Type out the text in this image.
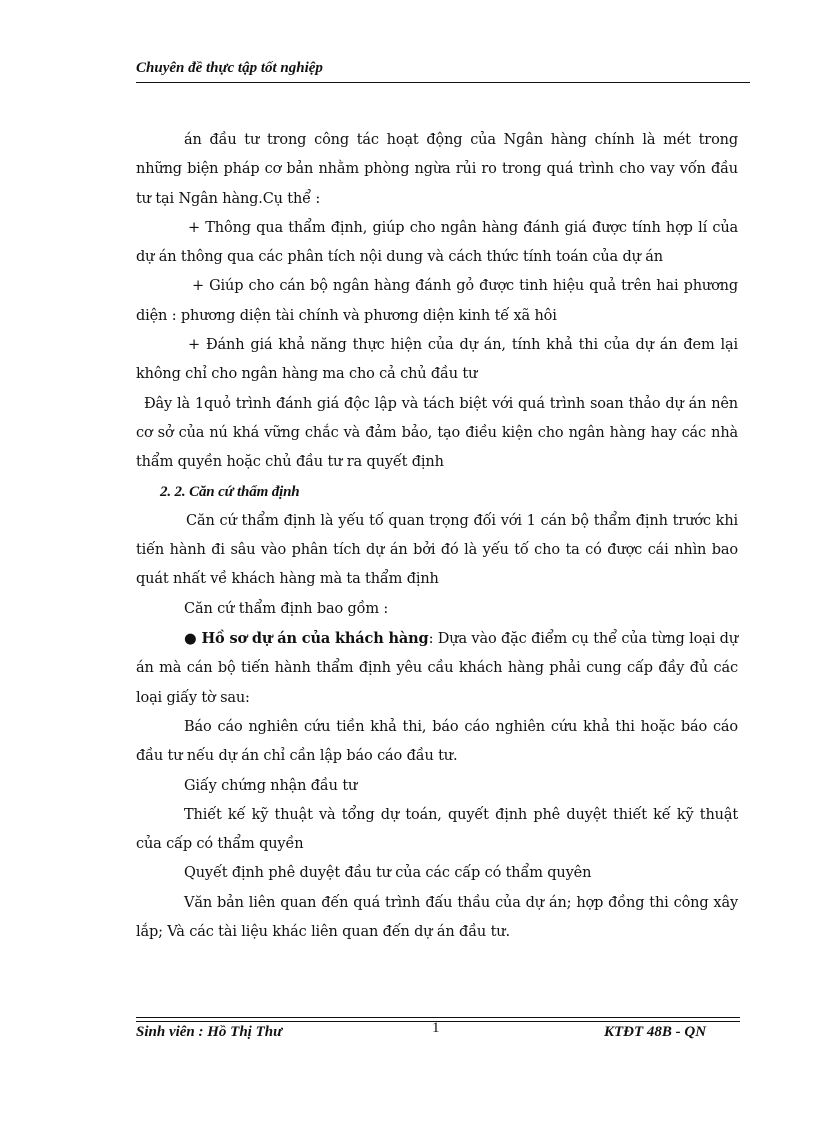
Chuyên đề thực tập tốt nghiệp

án đầu tư trong công tác hoạt động của Ngân hàng chính là mét trong những biện pháp cơ bản nhằm phòng ngừa rủi ro trong quá trình cho vay vốn đầu tư tại Ngân hàng.Cụ thể :

+ Thông qua thẩm định, giúp cho ngân hàng đánh giá được tính hợp lí của dự án thông qua các phân tích nội dung và cách thức tính toán của dự án

+ Giúp cho cán bộ ngân hàng đánh gỏ được tinh hiệu quả trên hai phương diện : phương diện tài chính và phương diện kinh tế xã hôi

+ Đánh giá khả năng thực hiện của dự án, tính khả thi của dự án đem lại không chỉ cho ngân hàng ma cho cả chủ đầu tư

Đây là 1quỏ trình đánh giá độc lập và tách biệt với quá trình soan thảo dự án nên cơ sở của nú khá vững chắc và đảm bảo, tạo điều kiện cho ngân hàng hay các nhà thẩm quyền hoặc chủ đầu tư ra quyết định

2. 2. Căn cứ thẩm định

Căn cứ thẩm định là yếu tố quan trọng đối với 1 cán bộ thẩm định trước khi tiến hành đi sâu vào phân tích dự án bởi đó là yếu tố cho ta có được cái nhìn bao quát nhất về khách hàng mà ta thẩm định

Căn cứ thẩm định bao gồm :

● Hồ sơ dự án của khách hàng: Dựa vào đặc điểm cụ thể của từng loại dự án mà cán bộ tiến hành thẩm định yêu cầu khách hàng phải cung cấp đầy đủ các loại giấy tờ sau:

Báo cáo nghiên cứu tiền khả thi, báo cáo nghiên cứu khả thi hoặc báo cáo đầu tư nếu dự án chỉ cần lập báo cáo đầu tư.

Giấy chứng nhận đầu tư

Thiết kế kỹ thuật và tổng dự toán, quyết định phê duyệt thiết kế kỹ thuật của cấp có thẩm quyền

Quyết định phê duyệt đầu tư của các cấp có thẩm quyên

Văn bản liên quan đến quá trình đấu thầu của dự án; hợp đồng thi công xây lắp; Và các tài liệu khác liên quan đến dự án đầu tư.

Sinh viên : Hồ Thị Thư	1	KTĐT 48B - QN
